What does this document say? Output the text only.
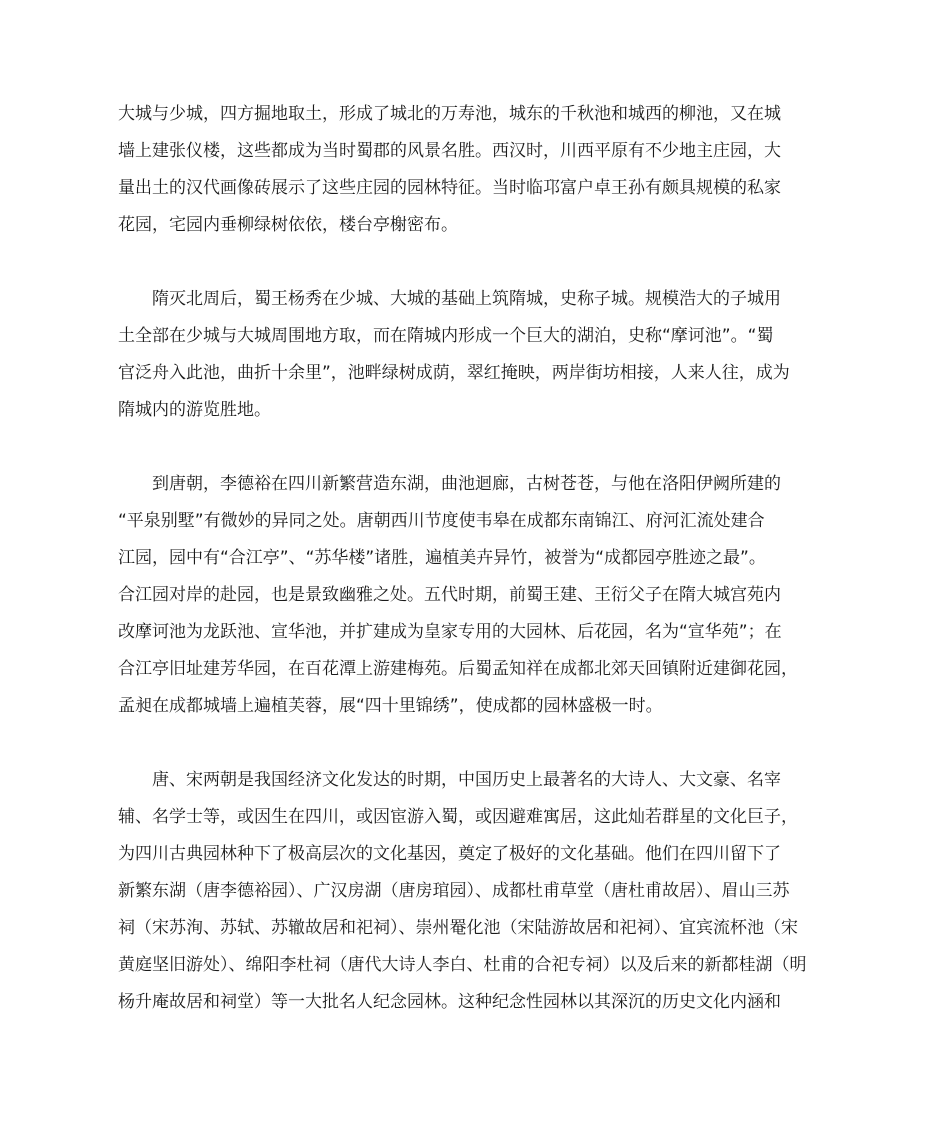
大城与少城，四方掘地取土，形成了城北的万寿池，城东的千秋池和城西的柳池，又在城
墙上建张仪楼，这些都成为当时蜀郡的风景名胜。西汉时，川西平原有不少地主庄园，大
量出土的汉代画像砖展示了这些庄园的园林特征。当时临邛富户卓王孙有颇具规模的私家
花园，宅园内垂柳绿树依依，楼台亭榭密布。
　　隋灭北周后，蜀王杨秀在少城、大城的基础上筑隋城，史称子城。规模浩大的子城用
土全部在少城与大城周围地方取，而在隋城内形成一个巨大的湖泊，史称“摩诃池”。“蜀
官泛舟入此池，曲折十余里”，池畔绿树成荫，翠红掩映，两岸街坊相接，人来人往，成为
隋城内的游览胜地。
　　到唐朝，李德裕在四川新繁营造东湖，曲池迴廊，古树苍苍，与他在洛阳伊阙所建的
“平泉别墅”有微妙的异同之处。唐朝西川节度使韦皋在成都东南锦江、府河汇流处建合
江园，园中有“合江亭”、“苏华楼”诸胜，遍植美卉异竹，被誉为“成都园亭胜迹之最”。
合江园对岸的赴园，也是景致幽雅之处。五代时期，前蜀王建、王衍父子在隋大城宫苑内
改摩诃池为龙跃池、宣华池，并扩建成为皇家专用的大园林、后花园，名为“宣华苑”；在
合江亭旧址建芳华园，在百花潭上游建梅苑。后蜀孟知祥在成都北郊天回镇附近建御花园，
孟昶在成都城墙上遍植芙蓉，展“四十里锦绣”，使成都的园林盛极一时。
　　唐、宋两朝是我国经济文化发达的时期，中国历史上最著名的大诗人、大文豪、名宰
辅、名学士等，或因生在四川，或因宦游入蜀，或因避难寓居，这此灿若群星的文化巨子，
为四川古典园林种下了极高层次的文化基因，奠定了极好的文化基础。他们在四川留下了
新繁东湖（唐李德裕园）、广汉房湖（唐房琯园）、成都杜甫草堂（唐杜甫故居）、眉山三苏
祠（宋苏洵、苏轼、苏辙故居和祀祠）、崇州罨化池（宋陆游故居和祀祠）、宜宾流杯池（宋
黄庭坚旧游处）、绵阳李杜祠（唐代大诗人李白、杜甫的合祀专祠）以及后来的新都桂湖（明
杨升庵故居和祠堂）等一大批名人纪念园林。这种纪念性园林以其深沉的历史文化内涵和
